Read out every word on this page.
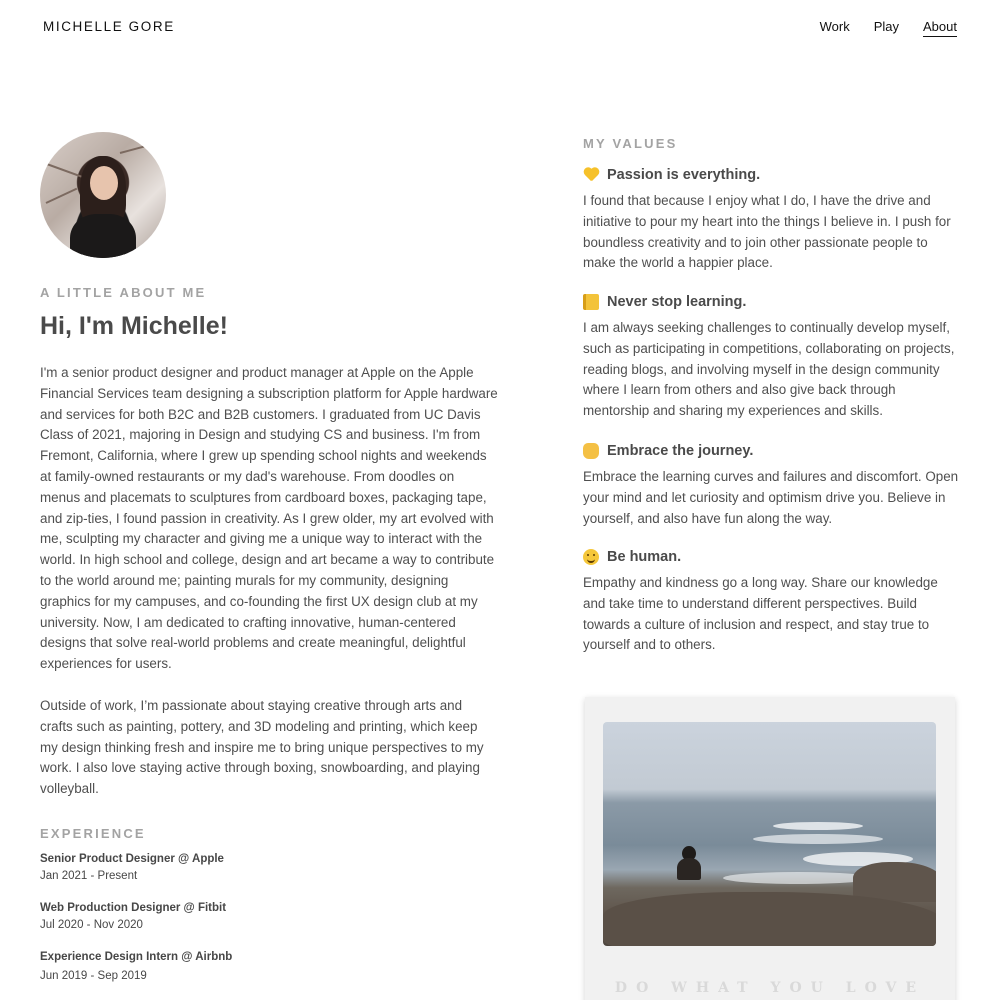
MICHELLE GORE	Work Play About
A LITTLE ABOUT ME
Hi, I'm Michelle!

I'm a senior product designer and product manager at Apple on the Apple Financial Services team designing a subscription platform for Apple hardware and services for both B2C and B2B customers. I graduated from UC Davis Class of 2021, majoring in Design and studying CS and business. I'm from Fremont, California, where I grew up spending school nights and weekends at family-owned restaurants or my dad's warehouse. From doodles on menus and placemats to sculptures from cardboard boxes, packaging tape, and zip-ties, I found passion in creativity. As I grew older, my art evolved with me, sculpting my character and giving me a unique way to interact with the world. In high school and college, design and art became a way to contribute to the world around me; painting murals for my community, designing graphics for my campuses, and co-founding the first UX design club at my university. Now, I am dedicated to crafting innovative, human-centered designs that solve real-world problems and create meaningful, delightful experiences for users.

Outside of work, I’m passionate about staying creative through arts and crafts such as painting, pottery, and 3D modeling and printing, which keep my design thinking fresh and inspire me to bring unique perspectives to my work. I also love staying active through boxing, snowboarding, and playing volleyball.

EXPERIENCE
Senior Product Designer @ Apple
Jan 2021 - Present
Web Production Designer @ Fitbit
Jul 2020 - Nov 2020
Experience Design Intern @ Airbnb
Jun 2019 - Sep 2019
MY VALUES
Passion is everything.

I found that because I enjoy what I do, I have the drive and initiative to pour my heart into the things I believe in. I push for boundless creativity and to join other passionate people to make the world a happier place.

Never stop learning.

I am always seeking challenges to continually develop myself, such as participating in competitions, collaborating on projects, reading blogs, and involving myself in the design community where I learn from others and also give back through mentorship and sharing my experiences and skills.

Embrace the journey.

Embrace the learning curves and failures and discomfort. Open your mind and let curiosity and optimism drive you. Believe in yourself, and also have fun along the way.

Be human.

Empathy and kindness go a long way. Share our knowledge and take time to understand different perspectives. Build towards a culture of inclusion and respect, and stay true to yourself and to others.

DO WHAT YOU LOVE
